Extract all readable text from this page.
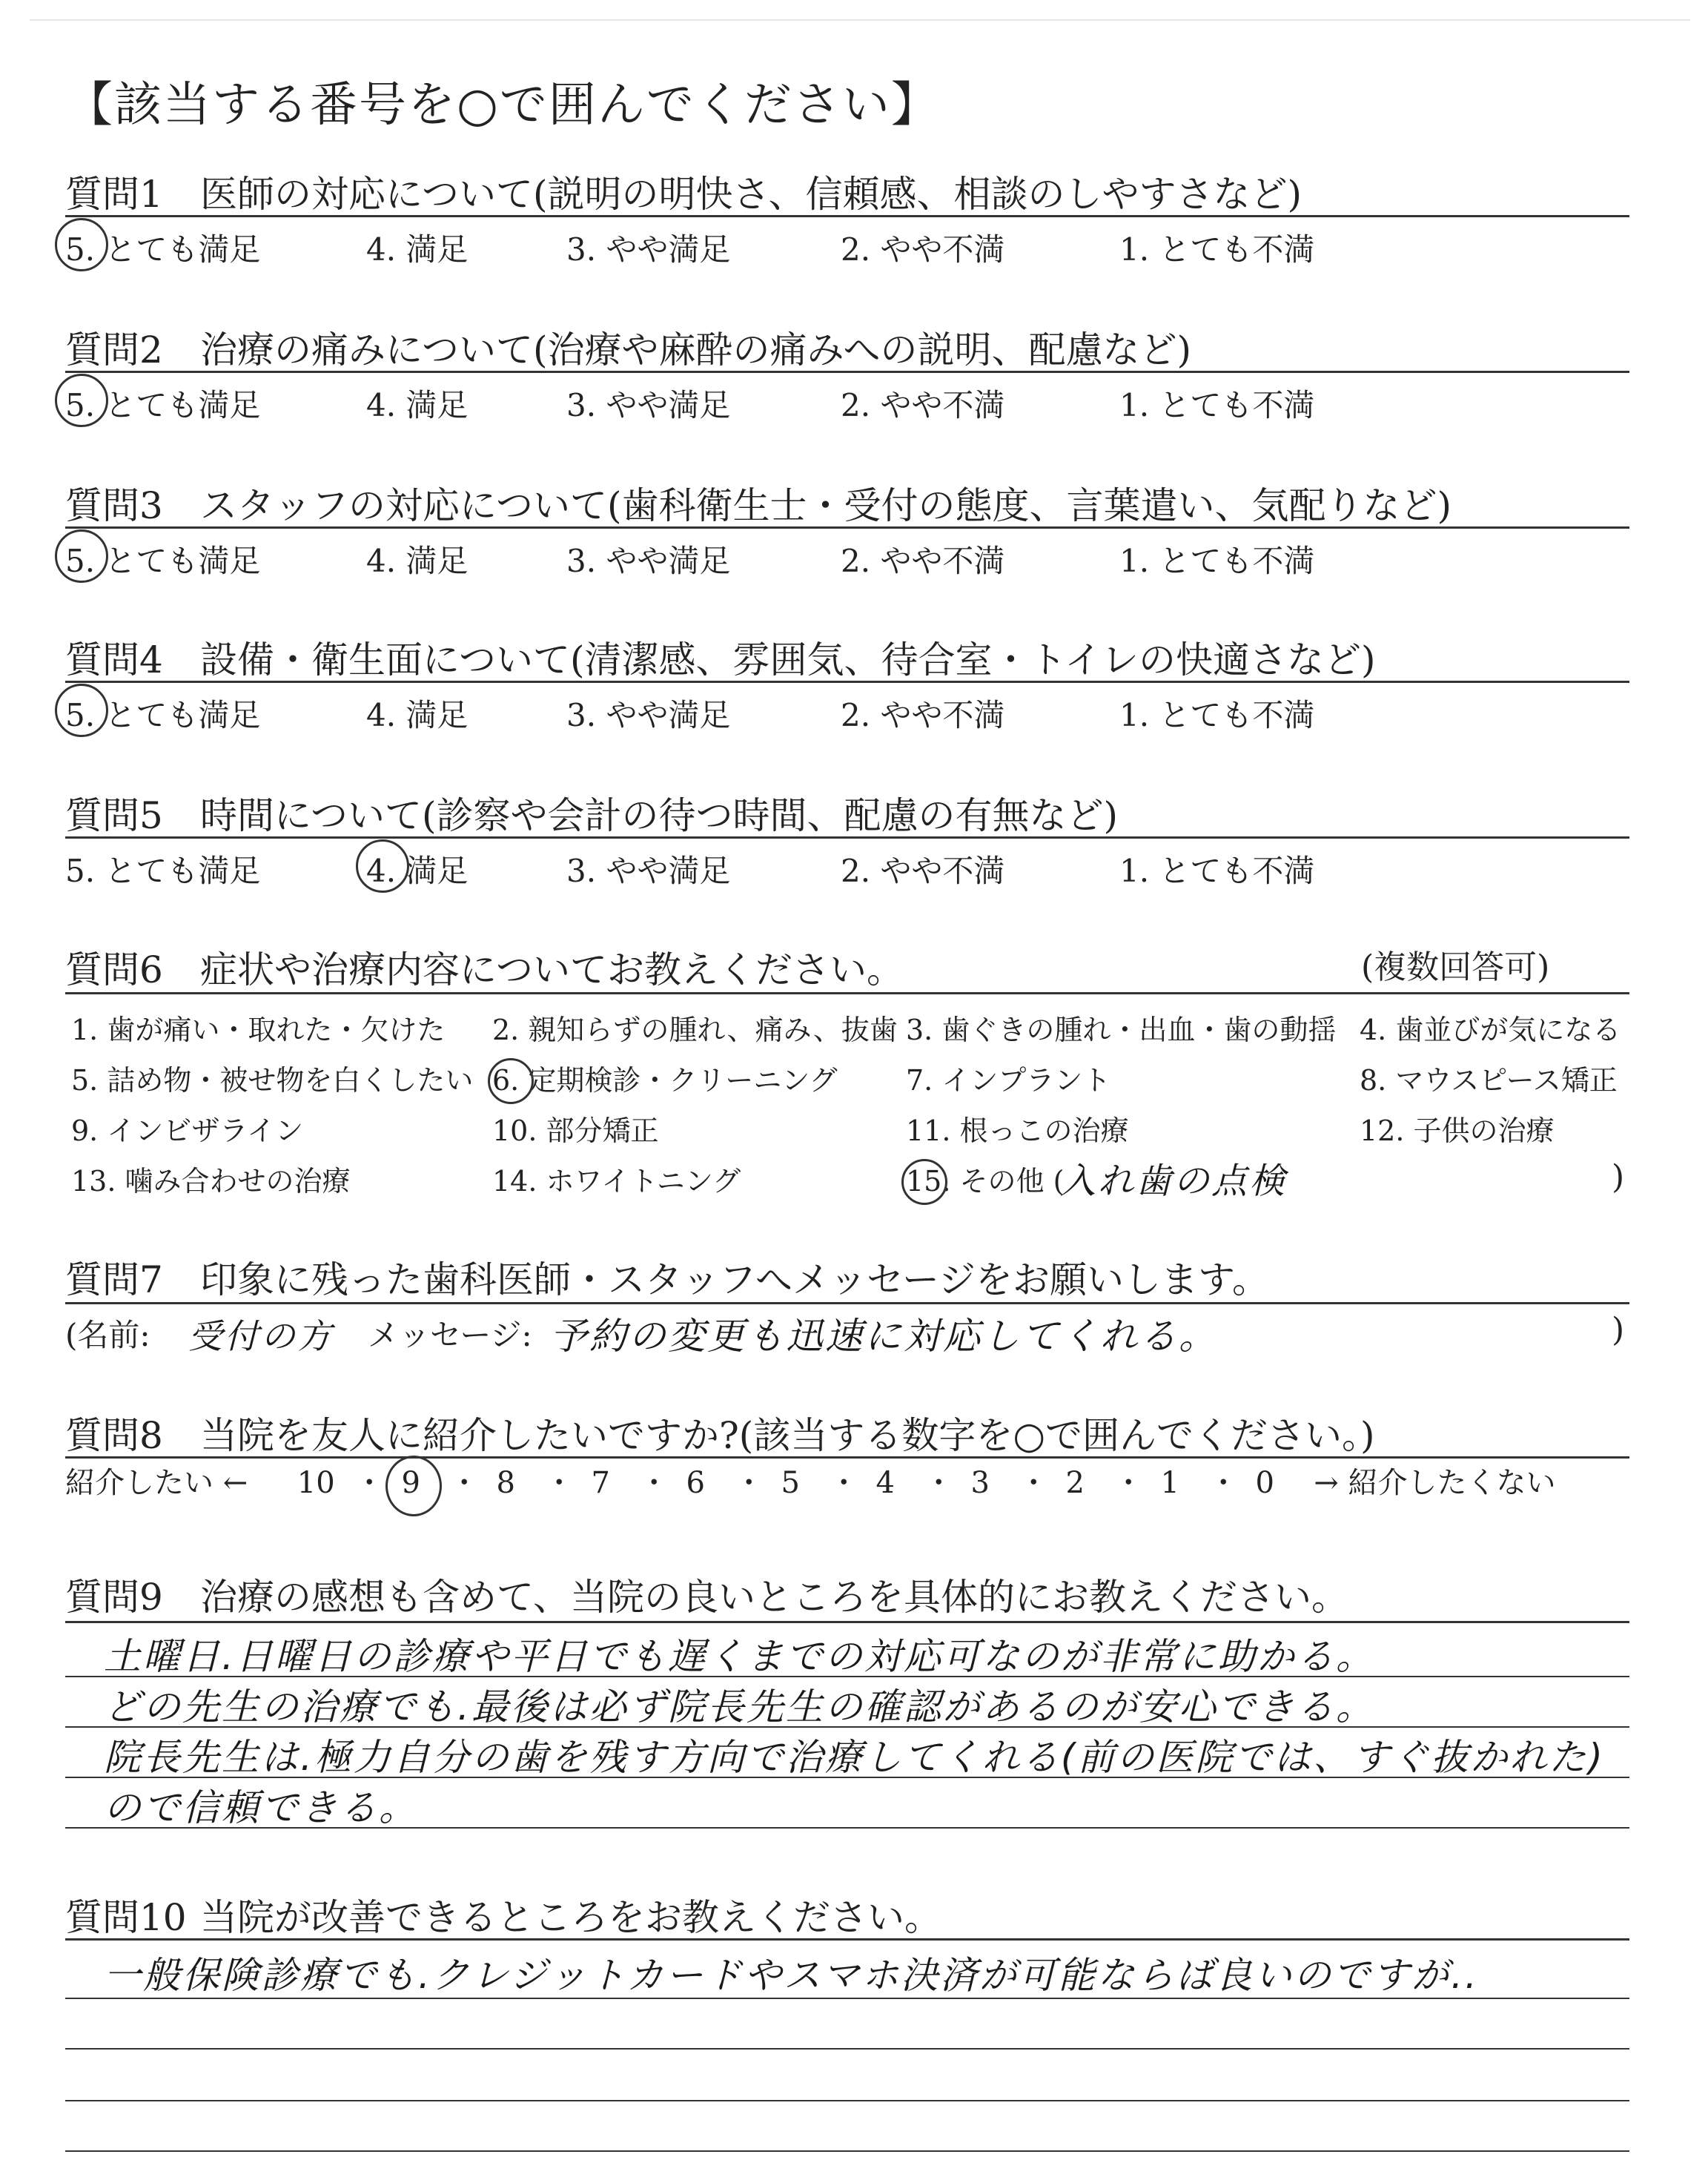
【該当する番号を○で囲んでください】
質問1 医師の対応について(説明の明快さ、信頼感、相談のしやすさなど)
5. とても満足	4. 満足	3. やや満足	2. やや不満	1. とても不満
質問2 治療の痛みについて(治療や麻酔の痛みへの説明、配慮など)
5. とても満足	4. 満足	3. やや満足	2. やや不満	1. とても不満
質問3 スタッフの対応について(歯科衛生士・受付の態度、言葉遣い、気配りなど)
5. とても満足	4. 満足	3. やや満足	2. やや不満	1. とても不満
質問4 設備・衛生面について(清潔感、雰囲気、待合室・トイレの快適さなど)
5. とても満足	4. 満足	3. やや満足	2. やや不満	1. とても不満
質問5 時間について(診察や会計の待つ時間、配慮の有無など)
5. とても満足	4. 満足	3. やや満足	2. やや不満	1. とても不満
質問6 症状や治療内容についてお教えください。	(複数回答可)
1. 歯が痛い・取れた・欠けた 2. 親知らずの腫れ、痛み、抜歯 3. 歯ぐきの腫れ・出血・歯の動揺 4. 歯並びが気になる
5. 詰め物・被せ物を白くしたい 6. 定期検診・クリーニング 7. インプラント	8. マウスピース矯正
9. インビザライン	10. 部分矯正	11. 根っこの治療	12. 子供の治療
13. 噛み合わせの治療	14. ホワイトニング	15. その他 (
入れ歯の点検	)
質問7 印象に残った歯科医師・スタッフへメッセージをお願いします。
(名前: 受付の方 メッセージ: 予約の変更も迅速に対応してくれる。	)
質問8 当院を友人に紹介したいですか?(該当する数字を○で囲んでください。)
紹介したい ← 10 ・ 9 ・ 8 ・ 7 ・ 6 ・ 5 ・ 4 ・ 3 ・ 2 ・ 1 ・ 0 → 紹介したくない
質問9 治療の感想も含めて、当院の良いところを具体的にお教えください。
土曜日.日曜日の診療や平日でも遅くまでの対応可なのが非常に助かる。
どの先生の治療でも.最後は必ず院長先生の確認があるのが安心できる。
院長先生は.極力自分の歯を残す方向で治療してくれる(前の医院では、すぐ抜かれた)
ので信頼できる。
質問10 当院が改善できるところをお教えください。
一般保険診療でも.クレジットカードやスマホ決済が可能ならば良いのですが..
